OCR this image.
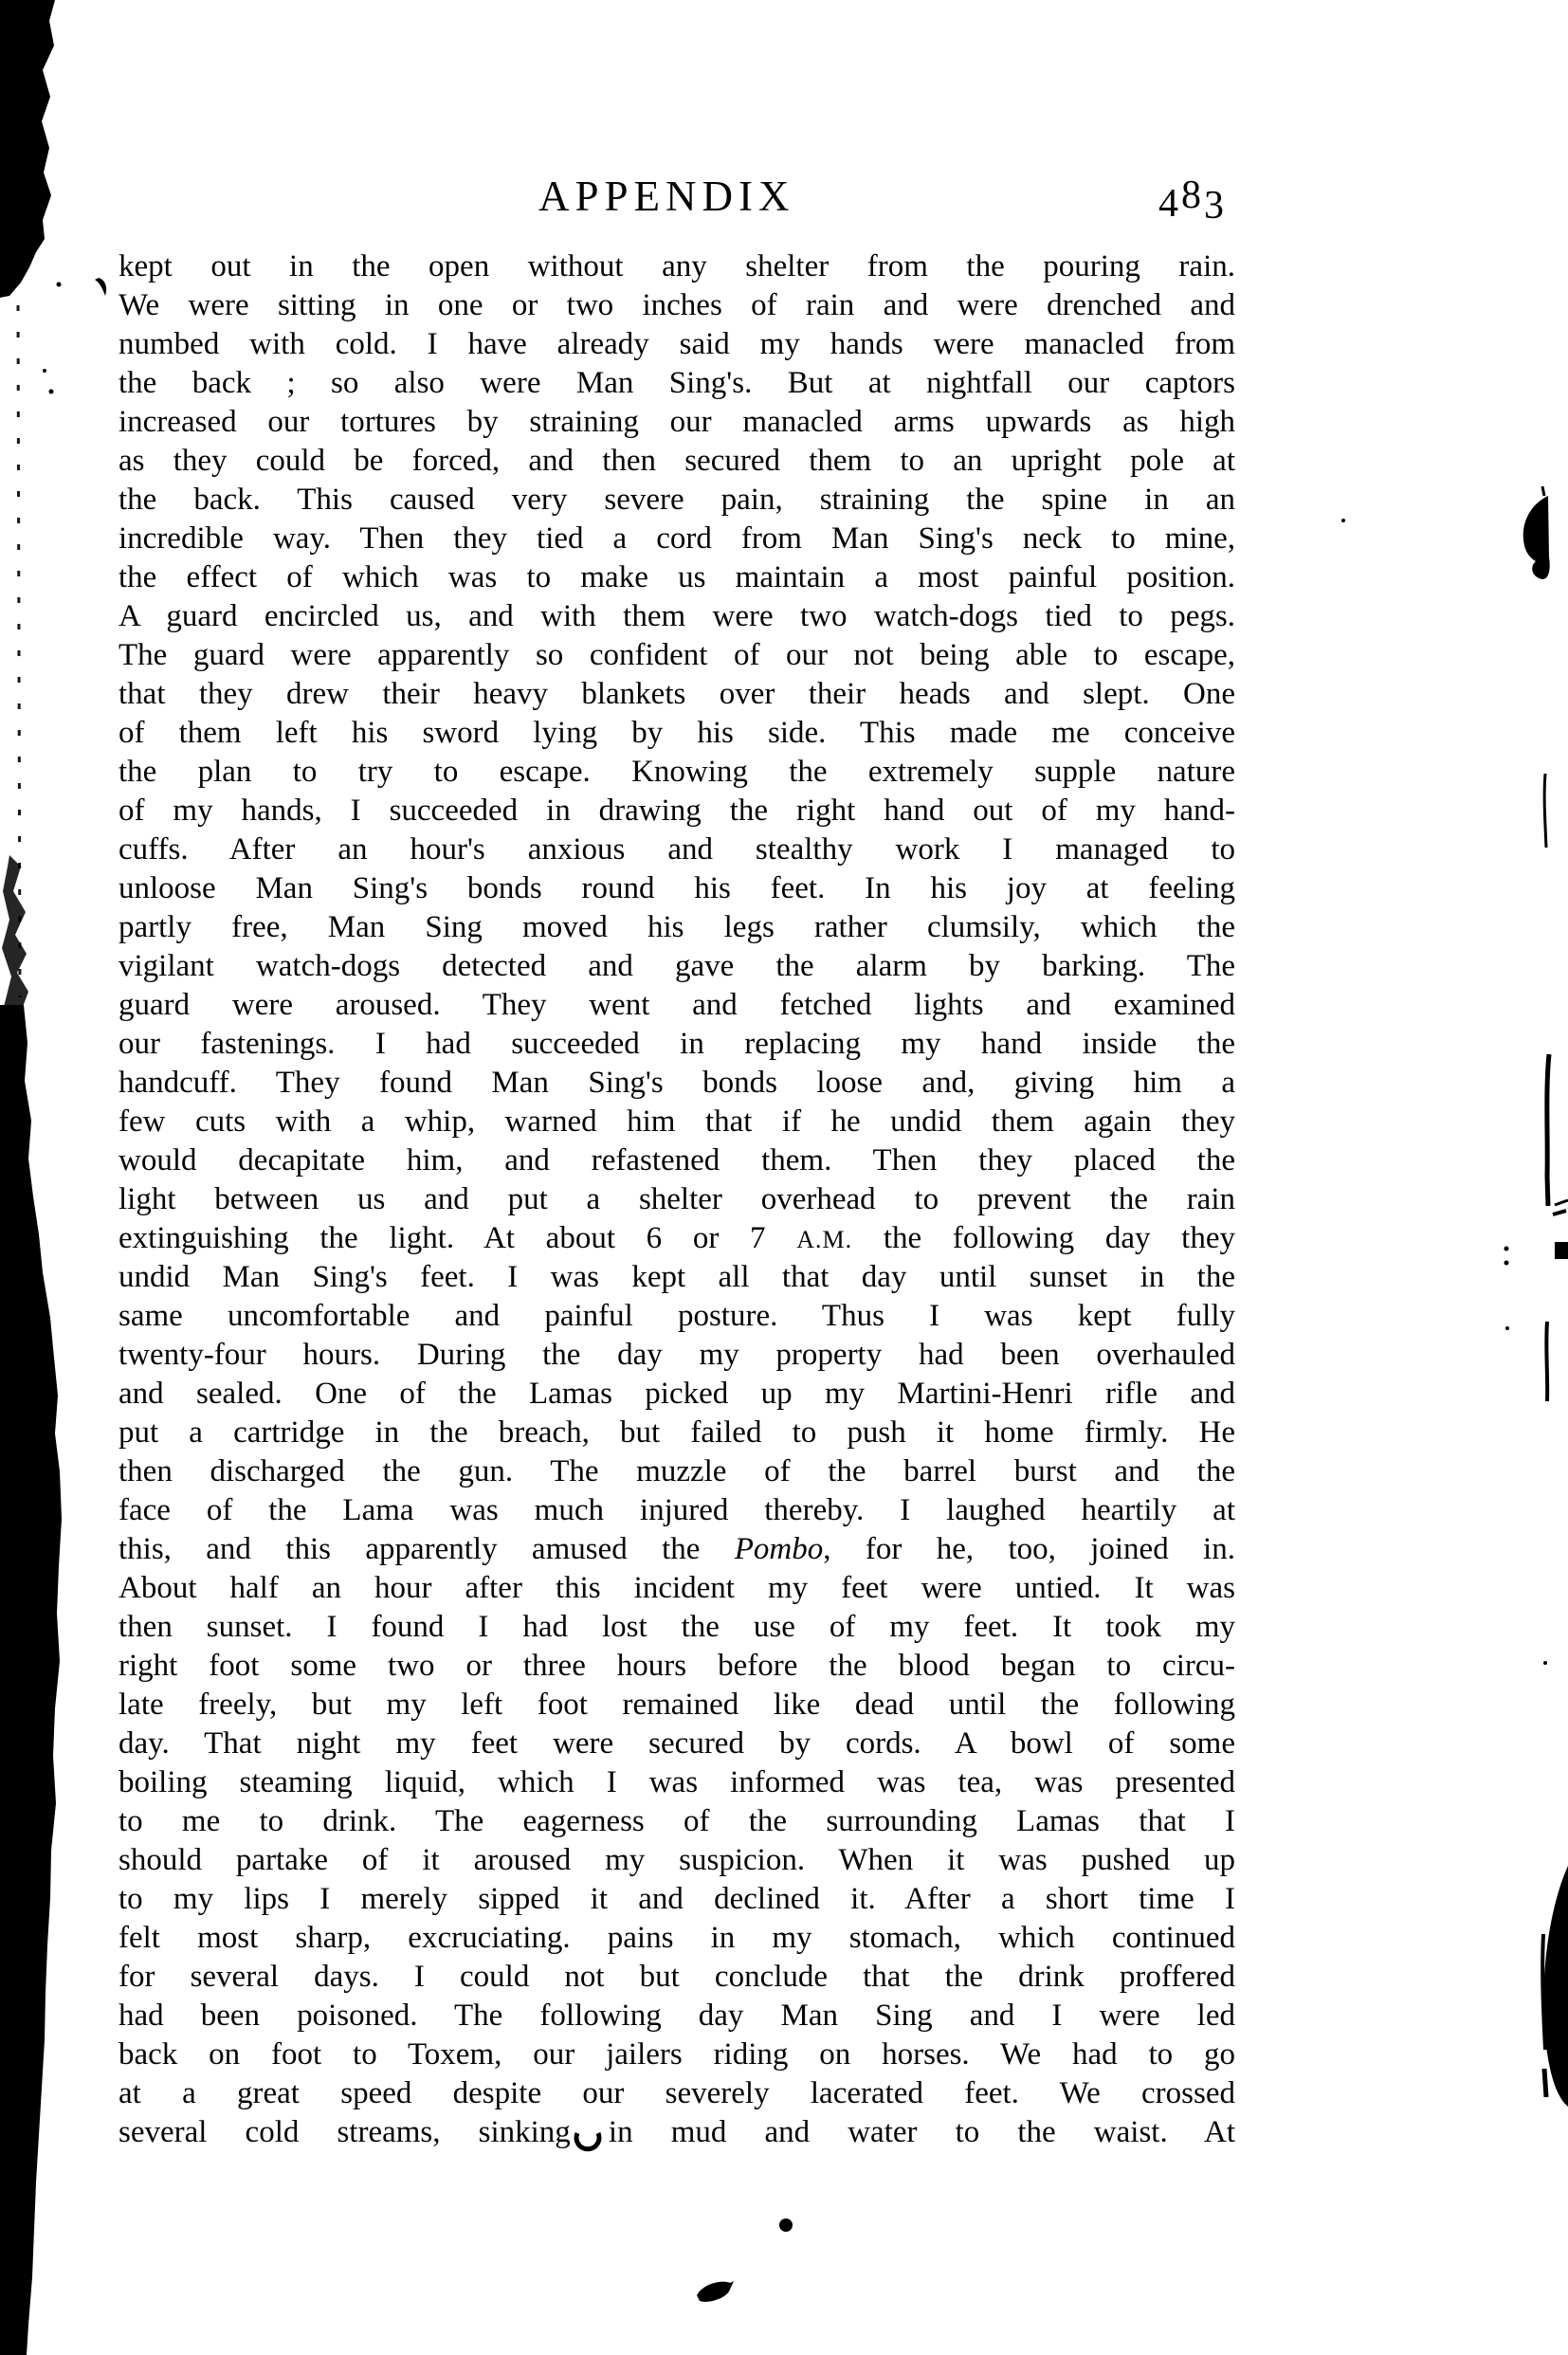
APPENDIX	483
kept out in the open without any shelter from the pouring rain.
We were sitting in one or two inches of rain and were drenched and
numbed with cold. I have already said my hands were manacled from
the back ; so also were Man Sing's. But at nightfall our captors
increased our tortures by straining our manacled arms upwards as high
as they could be forced, and then secured them to an upright pole at
the back. This caused very severe pain, straining the spine in an
incredible way. Then they tied a cord from Man Sing's neck to mine,
the effect of which was to make us maintain a most painful position.
A guard encircled us, and with them were two watch-dogs tied to pegs.
The guard were apparently so confident of our not being able to escape,
that they drew their heavy blankets over their heads and slept. One
of them left his sword lying by his side. This made me conceive
the plan to try to escape. Knowing the extremely supple nature
of my hands, I succeeded in drawing the right hand out of my hand-
cuffs. After an hour's anxious and stealthy work I managed to
unloose Man Sing's bonds round his feet. In his joy at feeling
partly free, Man Sing moved his legs rather clumsily, which the
vigilant watch-dogs detected and gave the alarm by barking. The
guard were aroused. They went and fetched lights and examined
our fastenings. I had succeeded in replacing my hand inside the
handcuff. They found Man Sing's bonds loose and, giving him a
few cuts with a whip, warned him that if he undid them again they
would decapitate him, and refastened them. Then they placed the
light between us and put a shelter overhead to prevent the rain
extinguishing the light. At about 6 or 7 A.M. the following day they
undid Man Sing's feet. I was kept all that day until sunset in the
same uncomfortable and painful posture. Thus I was kept fully
twenty-four hours. During the day my property had been overhauled
and sealed. One of the Lamas picked up my Martini-Henri rifle and
put a cartridge in the breach, but failed to push it home firmly. He
then discharged the gun. The muzzle of the barrel burst and the
face of the Lama was much injured thereby. I laughed heartily at
this, and this apparently amused the Pombo, for he, too, joined in.
About half an hour after this incident my feet were untied. It was
then sunset. I found I had lost the use of my feet. It took my
right foot some two or three hours before the blood began to circu-
late freely, but my left foot remained like dead until the following
day. That night my feet were secured by cords. A bowl of some
boiling steaming liquid, which I was informed was tea, was presented
to me to drink. The eagerness of the surrounding Lamas that I
should partake of it aroused my suspicion. When it was pushed up
to my lips I merely sipped it and declined it. After a short time I
felt most sharp, excruciating. pains in my stomach, which continued
for several days. I could not but conclude that the drink proffered
had been poisoned. The following day Man Sing and I were led
back on foot to Toxem, our jailers riding on horses. We had to go
at a great speed despite our severely lacerated feet. We crossed
several cold streams, sinking in mud and water to the waist. At
